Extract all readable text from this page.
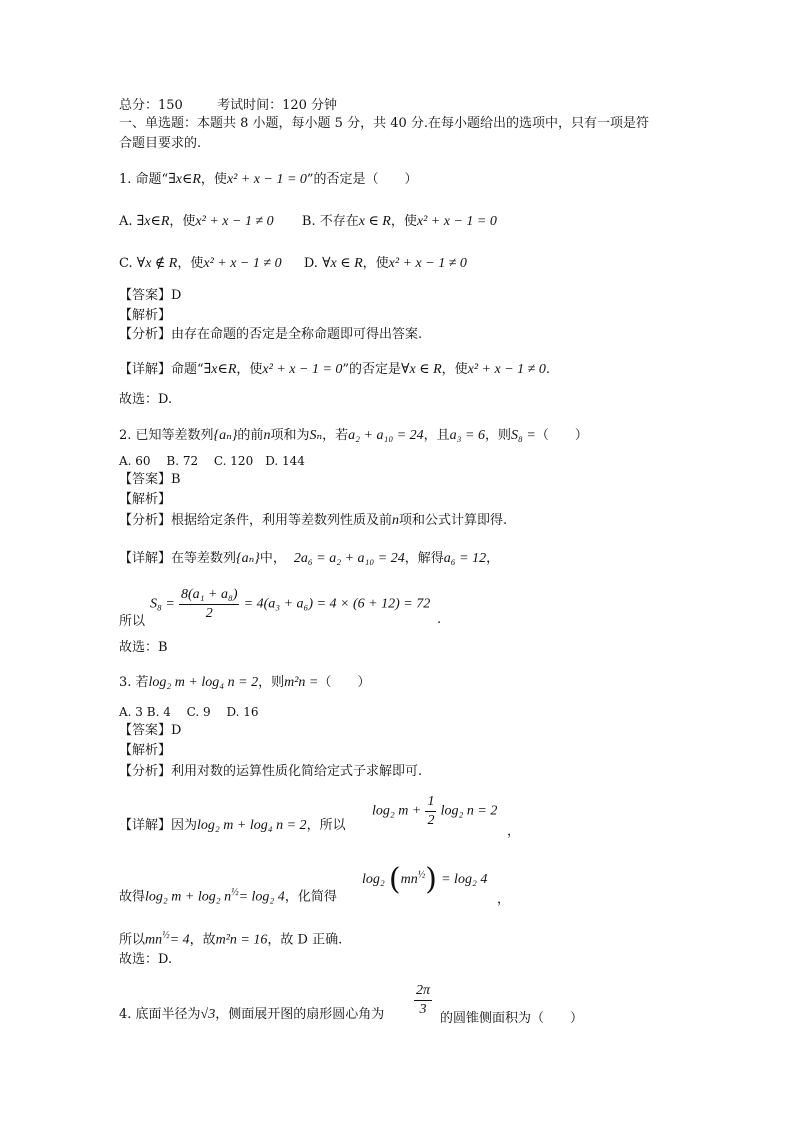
总分：150	考试时间：120 分钟
一、单选题：本题共 8 小题，每小题 5 分，共 40 分.在每小题给出的选项中，只有一项是符
合题目要求的.
1. 命题“∃x∈R，使x² + x − 1 = 0”的否定是（　　）
A. ∃x∈R，使x² + x − 1 ≠ 0 B. 不存在x ∈ R，使x² + x − 1 = 0
C. ∀x ∉ R，使x² + x − 1 ≠ 0 D. ∀x ∈ R，使x² + x − 1 ≠ 0
【答案】D
【解析】
【分析】由存在命题的否定是全称命题即可得出答案.
【详解】命题“∃x∈R，使x² + x − 1 = 0”的否定是∀x ∈ R，使x² + x − 1 ≠ 0.
故选：D.
2. 已知等差数列{aₙ}的前n项和为Sₙ，若a₂ + a₁₀ = 24，且a₃ = 6，则S₈ =（　　）
A. 60　 B. 72　 C. 120　D. 144
【答案】B
【解析】
【分析】根据给定条件，利用等差数列性质及前n项和公式计算即得.
【详解】在等差数列{aₙ}中， 2a₆ = a₂ + a₁₀ = 24，解得a₆ = 12，
所以
$S_8 = \frac{\text{8(a₁ + a₈)}}{2} = 4(a_3 + a_6) = 4 \times (6 + 12) = 72$
.
故选：B
3. 若log₂ m + log₄ n = 2，则m²n =（　　）
A. 3 B. 4　 C. 9　 D. 16
【答案】D
【解析】
【分析】利用对数的运算性质化简给定式子求解即可.
【详解】因为log₂ m + log₄ n = 2，所以
log₂ $m + \frac{1}{2} \log_2$ n = 2
，
故得log₂ m + log₂ $n^{\frac{1}{2}}= \log_2$ 4，化简得
log₂ $(mn^{\frac{1}{2}}) = \log_2$ 4
，
所以$mn^{\frac{1}{2}}= 4$，故m²n = 16，故 D 正确.
故选：D.
4. 底面半径为√3，侧面展开图的扇形圆心角为 $\frac{2\pi}{3}$ 的圆锥侧面积为（　　）
